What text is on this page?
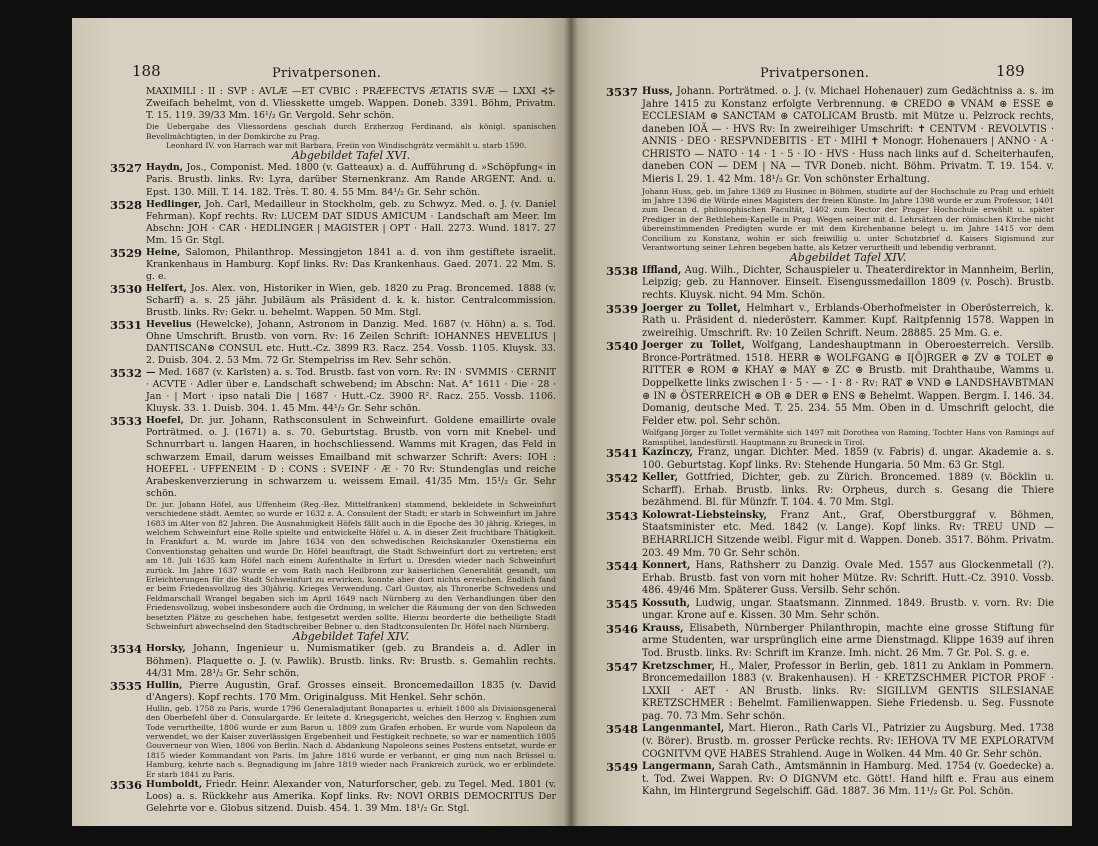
188	Privatpersonen.
MAXIMILI : II : SVP : AVLÆ —ET CVBIC : PRÆFECTVS ÆTATIS SVÆ — LXXI ⊰⊱ Zweifach behelmt, von d. Vliesskette umgeb. Wappen. Doneb. 3391. Böhm, Privatm. T. 15. 119. 39/33 Mm. 16¹/₂ Gr. Vergold. Sehr schön.
Die Uebergabe des Vliessordens geschah durch Erzherzog Ferdinand, als königl. spanischen Bevollmächtigten, in der Domkirche zu Prag.
Leonhard IV. von Harrach war mit Barbara, Freiin von Windischgrätz vermählt u. starb 1590.
Abgebildet Tafel XVI.
3527 Haydn, Jos., Componist. Med. 1800 (v. Gatteaux) a. d. Aufführung d. »Schöpfung« in Paris. Brustb. links. Rv: Lyra, darüber Sternenkranz. Am Rande ARGENT. And. u. Epst. 130. Mill. T. 14. 182. Très. T. 80. 4. 55 Mm. 84¹/₂ Gr. Sehr schön.
3528 Hedlinger, Joh. Carl, Medailleur in Stockholm, geb. zu Schwyz. Med. o. J. (v. Daniel Fehrman). Kopf rechts. Rv: LUCEM DAT SIDUS AMICUM · Landschaft am Meer. Im Abschn: JOH · CAR · HEDLINGER | MAGISTER | OPT · Hall. 2273. Wund. 1817. 27 Mm. 15 Gr. Stgl.
3529 Heine, Salomon, Philanthrop. Messingjeton 1841 a. d. von ihm gestiftete israelit. Krankenhaus in Hamburg. Kopf links. Rv: Das Krankenhaus. Gaed. 2071. 22 Mm. S. g. e.
3530 Helfert, Jos. Alex. von, Historiker in Wien, geb. 1820 zu Prag. Broncemed. 1888 (v. Scharff) a. s. 25 jähr. Jubiläum als Präsident d. k. k. histor. Centralcommission. Brustb. links. Rv: Gekr. u. behelmt. Wappen. 50 Mm. Stgl.
3531 Hevelius (Hewelcke), Johann, Astronom in Danzig. Med. 1687 (v. Höhn) a. s. Tod. Ohne Umschrift. Brustb. von vorn. Rv: 16 Zeilen Schrift: IOHANNES HEVELIUS | DANTISCAN⊗ CONSUL etc. Hutt.-Cz. 3899 R3. Racz. 254. Vossb. 1105. Kluysk. 33. 2. Duisb. 304. 2. 53 Mm. 72 Gr. Stempelriss im Rev. Sehr schön.
3532 — Med. 1687 (v. Karlsten) a. s. Tod. Brustb. fast von vorn. Rv: IN · SVMMIS · CERNIT · ACVTE · Adler über e. Landschaft schwebend; im Abschn: Nat. A° 1611 · Die · 28 · Jan · | Mort · ipso natali Die | 1687 · Hutt.-Cz. 3900 R². Racz. 255. Vossb. 1106. Kluysk. 33. 1. Duisb. 304. 1. 45 Mm. 44¹/₂ Gr. Sehr schön.
3533 Hoefel, Dr. jur. Johann, Rathsconsulent in Schweinfurt. Goldene emaillirte ovale Porträtmed. o. J. (1671) a. s. 70. Geburtstag. Brustb. von vorn mit Knebel- und Schnurrbart u. langen Haaren, in hochschliessend. Wamms mit Kragen, das Feld in schwarzem Email, darum weisses Emailband mit schwarzer Schrift: Avers: IOH : HOEFEL · UFFENEIM · D : CONS : SVEINF · Æ · 70 Rv: Stundenglas und reiche Arabeskenverzierung in schwarzem u. weissem Email. 41/35 Mm. 15¹/₂ Gr. Sehr schön.
Dr. jur. Johann Höfel, aus Uffenheim (Reg.-Bez. Mittelfranken) stammend, bekleidete in Schweinfurt verschiedene städt. Aemter, so wurde er 1632 z. A. Consulent der Stadt; er starb in Schweinfurt im Jahre 1683 im Alter von 82 Jahren. Die Ausnahmigkeit Höfels fällt auch in die Epoche des 30 jährig. Krieges, in welchem Schweinfurt eine Rolle spielte und entwickelte Höfel u. A. in dieser Zeit fruchtbare Thätigkeit. In Frankfurt a. M. wurde im Jahre 1634 von den schwedischen Reichskanzler Oxenstierna ein Conventionstag gehalten und wurde Dr. Höfel beauftragt, die Stadt Schweinfurt dort zu vertreten; erst am 18. Juli 1635 kam Höfel nach einem Aufenthalte in Erfurt u. Dresden wieder nach Schweinfurt zurück. Im Jahre 1637 wurde er vom Rath nach Heilbronn zur kaiserlichen Generalität gesandt, um Erleichterungen für die Stadt Schweinfurt zu erwirken, konnte aber dort nichts erreichen. Endlich fand er beim Friedensvollzug des 30jährig. Krieges Verwendung. Carl Gustav, als Thronerbe Schwedens und Feldmarschall Wrangel begaben sich im April 1649 nach Nürnberg zu den Verhandlungen über den Friedensvollzug, wobei insbesondere auch die Ordnung, in welcher die Räumung der von den Schweden besetzten Plätze zu geschehen habe, festgesetzt werden sollte. Hierzu beorderte die betheiligte Stadt Schweinfurt abwechselnd den Stadtschreiber Bebner u. den Stadtconsulenten Dr. Höfel nach Nürnberg.
Abgebildet Tafel XIV.
3534 Horsky, Johann, Ingenieur u. Numismatiker (geb. zu Brandeis a. d. Adler in Böhmen). Plaquette o. J. (v. Pawlik). Brustb. links. Rv: Brustb. s. Gemahlin rechts. 44/31 Mm. 28¹/₂ Gr. Sehr schön.
3535 Hullin, Pierre Augustin, Graf. Grosses einseit. Broncemedaillon 1835 (v. David d'Angers). Kopf rechts. 170 Mm. Originalguss. Mit Henkel. Sehr schön.
Hullin, geb. 1758 zu Paris, wurde 1796 Generaladjutant Bonapartes u. erhielt 1800 als Divisionsgeneral den Oberbefehl über d. Consulargarde. Er leitete d. Kriegsgericht, welches den Herzog v. Enghien zum Tode verurtheilte, 1806 wurde er zum Baron u. 1809 zum Grafen erhoben. Er wurde vom Napoleon da verwendet, wo der Kaiser zuverlässigen Ergebenheit und Festigkeit rechnete, so war er namentlich 1805 Gouverneur von Wien, 1806 von Berlin. Nach d. Abdankung Napoleons seines Postens entsetzt, wurde er 1815 wieder Kommandant von Paris. Im Jahre 1816 wurde er verbannt, er ging nun nach Brüssel u. Hamburg, kehrte nach s. Begnadigung im Jahre 1819 wieder nach Frankreich zurück, wo er erblindete. Er starb 1841 zu Paris.
3536 Humboldt, Friedr. Heinr. Alexander von, Naturforscher, geb. zu Tegel. Med. 1801 (v. Loos) a. s. Rückkehr aus Amerika. Kopf links. Rv: NOVI ORBIS DEMOCRITUS Der Gelehrte vor e. Globus sitzend. Duisb. 454. 1. 39 Mm. 18¹/₂ Gr. Stgl.
Privatpersonen.	189
3537 Huss, Johann. Porträtmed. o. J. (v. Michael Hohenauer) zum Gedächtniss a. s. im Jahre 1415 zu Konstanz erfolgte Verbrennung. ⊛ CREDO ⊛ VNAM ⊛ ESSE ⊛ ECCLESIAM ⊛ SANCTAM ⊛ CATOLICAM Brustb. mit Mütze u. Pelzrock rechts, daneben IOÃ — · HVS Rv: In zweireihiger Umschrift: ✝ CENTVM · REVOLVTIS · ANNIS · DEO · RESPVNDEBITIS · ET · MIHI ✝ Monogr. Hohenauers | ANNO · A · CHRISTO — NATO · 14 · 1 · 5 · IO · HVS · Huss nach links auf d. Scheiterhaufen, daneben CON — DEM | NA — TVR Doneb. nicht. Böhm. Privatm. T. 19. 154. v. Mieris I. 29. 1. 42 Mm. 18¹/₂ Gr. Von schönster Erhaltung.
Johann Huss, geb. im Jahre 1369 zu Husinec in Böhmen, studirte auf der Hochschule zu Prag und erhielt im Jahre 1396 die Würde eines Magisters der freien Künste. Im Jahre 1398 wurde er zum Professor, 1401 zum Decan d. philosophischen Facultät, 1402 zum Rector der Prager Hochschule erwählt u. später Prediger in der Bethlehem-Kapelle in Prag. Wegen seiner mit d. Lehrsätzen der römischen Kirche nicht übereinstimmenden Predigten wurde er mit dem Kirchenbanne belegt u. im Jahre 1415 vor dem Concilium zu Konstanz, wohin er sich freiwillig u. unter Schutzbrief d. Kaisers Sigismund zur Verantwortung seiner Lehren begeben hatte, als Ketzer verurtheilt und lebendig verbrannt.
Abgebildet Tafel XIV.
3538 Iffland, Aug. Wilh., Dichter, Schauspieler u. Theaterdirektor in Mannheim, Berlin, Leipzig; geb. zu Hannover. Einseit. Eisengussmedaillon 1809 (v. Posch). Brustb. rechts. Kluysk. nicht. 94 Mm. Schön.
3539 Joerger zu Tollet, Helmhart v., Erblands-Oberhofmeister in Oberösterreich, k. Rath u. Präsident d. niederösterr. Kammer. Kupf. Raitpfennig 1578. Wappen in zweireihig. Umschrift. Rv: 10 Zeilen Schrift. Neum. 28885. 25 Mm. G. e.
3540 Joerger zu Tollet, Wolfgang, Landeshauptmann in Oberoesterreich. Versilb. Broncе-Porträtmed. 1518. HERR ⊛ WOLFGANG ⊛ I[Ö]RGER ⊛ ZV ⊛ TOLET ⊛ RITTER ⊛ ROM ⊛ KHAY ⊛ MAY ⊛ ZC ⊛ Brustb. mit Drahthaube, Wamms u. Doppelkette links zwischen I · 5 · — · I · 8 · Rv: RAT ⊛ VND ⊛ LANDSHAVBTMAN ⊛ IN ⊛ ÖSTERREICH ⊛ OB ⊛ DER ⊛ ENS ⊛ Behelmt. Wappen. Bergm. I. 146. 34. Domanig, deutsche Med. T. 25. 234. 55 Mm. Oben in d. Umschrift gelocht, die Felder etw. pol. Sehr schön.
Wolfgang Jörger zu Tollet vermählte sich 1497 mit Dorothea von Raming, Tochter Hans von Ramings auf Ramspühel, landesfürstl. Hauptmann zu Bruneck in Tirol.
3541 Kazinczy, Franz, ungar. Dichter. Med. 1859 (v. Fabris) d. ungar. Akademie a. s. 100. Geburtstag. Kopf links. Rv: Stehende Hungaria. 50 Mm. 63 Gr. Stgl.
3542 Keller, Gottfried, Dichter, geb. zu Zürich. Broncemed. 1889 (v. Böcklin u. Scharff). Erhab. Brustb. links. Rv: Orpheus, durch s. Gesang die Thiere bezähmend. Bl. für Münzfr. T. 104. 4. 70 Mm. Stgl.
3543 Kolowrat-Liebsteinsky, Franz Ant., Graf, Oberstburggraf v. Böhmen, Staatsminister etc. Med. 1842 (v. Lange). Kopf links. Rv: TREU UND — BEHARRLICH Sitzende weibl. Figur mit d. Wappen. Doneb. 3517. Böhm. Privatm. 203. 49 Mm. 70 Gr. Sehr schön.
3544 Konnert, Hans, Rathsherr zu Danzig. Ovale Med. 1557 aus Glockenmetall (?). Erhab. Brustb. fast von vorn mit hoher Mütze. Rv: Schrift. Hutt.-Cz. 3910. Vossb. 486. 49/46 Mm. Späterer Guss. Versilb. Sehr schön.
3545 Kossuth, Ludwig, ungar. Staatsmann. Zinnmed. 1849. Brustb. v. vorn. Rv: Die ungar. Krone auf e. Kissen. 30 Mm. Sehr schön.
3546 Krauss, Elisabeth, Nürnberger Philanthropin, machte eine grosse Stiftung für arme Studenten, war ursprünglich eine arme Dienstmagd. Klippe 1639 auf ihren Tod. Brustb. links. Rv: Schrift im Kranze. Imh. nicht. 26 Mm. 7 Gr. Pol. S. g. e.
3547 Kretzschmer, H., Maler, Professor in Berlin, geb. 1811 zu Anklam in Pommern. Broncemedaillon 1883 (v. Brakenhausen). H · KRETZSCHMER PICTOR PROF · LXXII · AET · AN Brustb. links. Rv: SIGILLVM GENTIS SILESIANAE KRETZSCHMER : Behelmt. Familienwappen. Siehe Friedensb. u. Seg. Fussnote pag. 70. 73 Mm. Sehr schön.
3548 Langenmantel, Mart. Hieron., Rath Carls VI., Patrizier zu Augsburg. Med. 1738 (v. Börer). Brustb. m. grosser Perücke rechts. Rv: IEHOVA TV ME EXPLORATVM COGNITVM QVE HABES Strahlend. Auge in Wolken. 44 Mm. 40 Gr. Sehr schön.
3549 Langermann, Sarah Cath., Amtsmännin in Hamburg. Med. 1754 (v. Goedecke) a. t. Tod. Zwei Wappen. Rv: O DIGNVM etc. Gött!. Hand hilft e. Frau aus einem Kahn, im Hintergrund Segelschiff. Gäd. 1887. 36 Mm. 11¹/₂ Gr. Pol. Schön.
